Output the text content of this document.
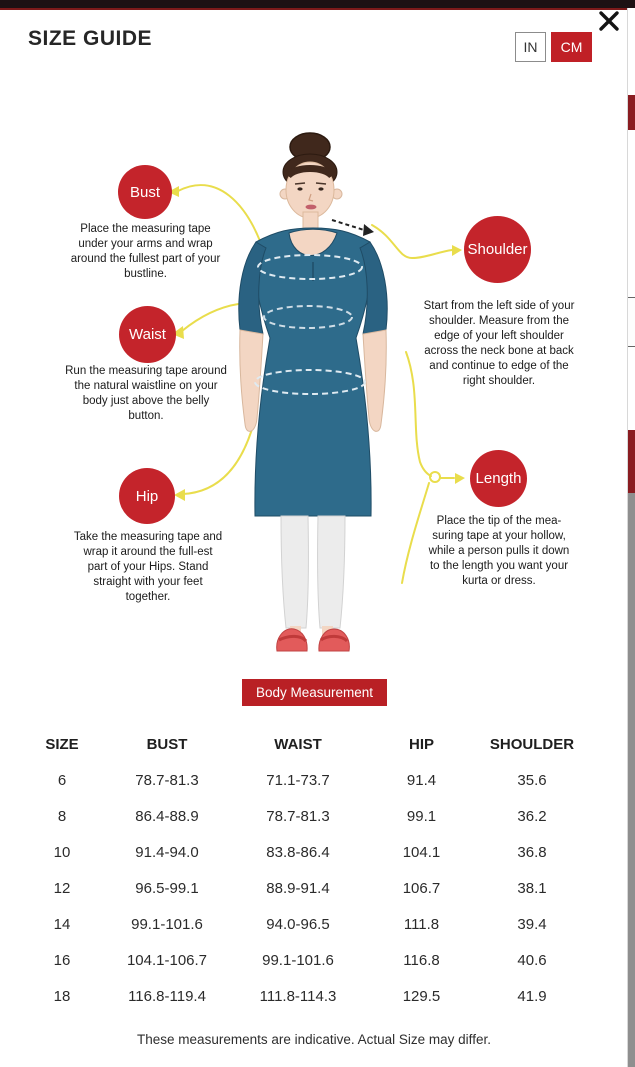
SIZE GUIDE	IN	CM
Bust
Waist
Hip
Shoulder
Length
Place the measuring tape under your arms and wrap around the fullest part of your bustline.
Run the measuring tape around the natural waistline on your body just above the belly button.
Take the measuring tape and wrap it around the full-est part of your Hips. Stand straight with your feet together.
Start from the left side of your shoulder. Measure from the edge of your left shoulder across the neck bone at back and continue to edge of the right shoulder.
Place the tip of the mea-suring tape at your hollow, while a person pulls it down to the length you want your kurta or dress.
Body Measurement
SIZE	BUST	WAIST	HIP	SHOULDER
6	78.7-81.3	71.1-73.7	91.4	35.6
8	86.4-88.9	78.7-81.3	99.1	36.2
10	91.4-94.0	83.8-86.4	104.1	36.8
12	96.5-99.1	88.9-91.4	106.7	38.1
14	99.1-101.6	94.0-96.5	111.8	39.4
16	104.1-106.7	99.1-101.6	116.8	40.6
18	116.8-119.4	111.8-114.3	129.5	41.9
These measurements are indicative. Actual Size may differ.
